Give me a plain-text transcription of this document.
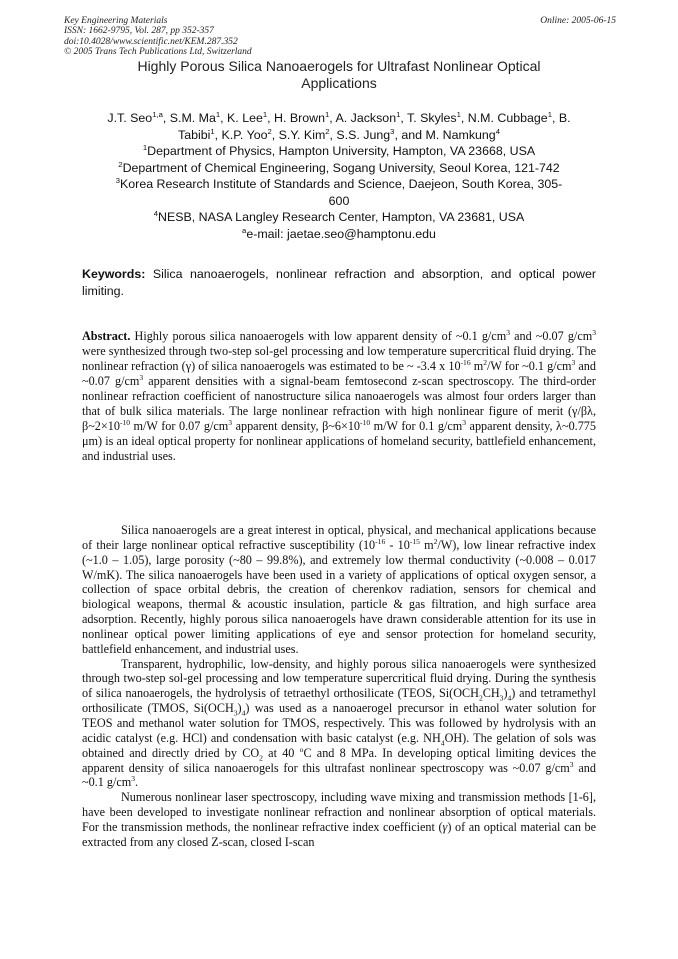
Key Engineering Materials	Online: 2005-06-15
ISSN: 1662-9795, Vol. 287, pp 352-357
doi:10.4028/www.scientific.net/KEM.287.352
© 2005 Trans Tech Publications Ltd, Switzerland
Highly Porous Silica Nanoaerogels for Ultrafast Nonlinear Optical
Applications
J.T. Seo$^{1,a}$, S.M. Ma$^1$, K. Lee$^1$, H. Brown$^1$, A. Jackson$^1$, T. Skyles$^1$, N.M. Cubbage$^1$, B.
Tabibi$^1$, K.P. Yoo$^2$, S.Y. Kim$^2$, S.S. Jung$^3$, and M. Namkung$^4$
$^1$Department of Physics, Hampton University, Hampton, VA 23668, USA
$^2$Department of Chemical Engineering, Sogang University, Seoul Korea, 121-742
$^3$Korea Research Institute of Standards and Science, Daejeon, South Korea, 305-
600
$^4$NESB, NASA Langley Research Center, Hampton, VA 23681, USA
$^a$e-mail: jaetae.seo@hamptonu.edu
Keywords: Silica nanoaerogels, nonlinear refraction and absorption, and optical power limiting.
Abstract. Highly porous silica nanoaerogels with low apparent density of ~0.1 $g/cm^3$ and ~0.07 $g/cm^3$ were synthesized through two-step sol-gel processing and low temperature supercritical fluid drying. The nonlinear refraction (γ) of silica nanoaerogels was estimated to be ~ -3.4 x $10^{-16}$ $m^2/W$ for ~0.1 $g/cm^3$ and ~0.07 $g/cm^3$ apparent densities with a signal-beam femtosecond z-scan spectroscopy. The third-order nonlinear refraction coefficient of nanostructure silica nanoaerogels was almost four orders larger than that of bulk silica materials. The large nonlinear refraction with high nonlinear figure of merit (γ/βλ, $\beta\sim 2\times 10^{-10}$ m/W for 0.07 $g/cm^3$ apparent density, $\beta\sim 6\times 10^{-10}$ m/W for 0.1 $g/cm^3$ apparent density, λ~0.775 μm) is an ideal optical property for nonlinear applications of homeland security, battlefield enhancement, and industrial uses.

Silica nanoaerogels are a great interest in optical, physical, and mechanical applications because of their large nonlinear optical refractive susceptibility ($10^{-16} - 10^{-15}$ $m^2/W$), low linear refractive index (~1.0 – 1.05), large porosity (~80 – 99.8%), and extremely low thermal conductivity (~0.008 – 0.017 W/mK). The silica nanoaerogels have been used in a variety of applications of optical oxygen sensor, a collection of space orbital debris, the creation of cherenkov radiation, sensors for chemical and biological weapons, thermal & acoustic insulation, particle & gas filtration, and high surface area adsorption. Recently, highly porous silica nanoaerogels have drawn considerable attention for its use in nonlinear optical power limiting applications of eye and sensor protection for homeland security, battlefield enhancement, and industrial uses.

Transparent, hydrophilic, low-density, and highly porous silica nanoaerogels were synthesized through two-step sol-gel processing and low temperature supercritical fluid drying. During the synthesis of silica nanoaerogels, the hydrolysis of tetraethyl orthosilicate (TEOS, $Si(OCH_2CH_3)_4$) and tetramethyl orthosilicate (TMOS, $Si(OCH_3)_4$) was used as a nanoaerogel precursor in ethanol water solution for TEOS and methanol water solution for TMOS, respectively. This was followed by hydrolysis with an acidic catalyst (e.g. HCl) and condensation with basic catalyst (e.g. $NH_4OH$). The gelation of sols was obtained and directly dried by $CO_2$ at 40 $^o$C and 8 MPa. In developing optical limiting devices the apparent density of silica nanoaerogels for this ultrafast nonlinear spectroscopy was ~0.07 $g/cm^3$ and ~0.1 $g/cm^3$.

Numerous nonlinear laser spectroscopy, including wave mixing and transmission methods [1-6], have been developed to investigate nonlinear refraction and nonlinear absorption of optical materials. For the transmission methods, the nonlinear refractive index coefficient (γ) of an optical material can be extracted from any closed Z-scan, closed I-scan
